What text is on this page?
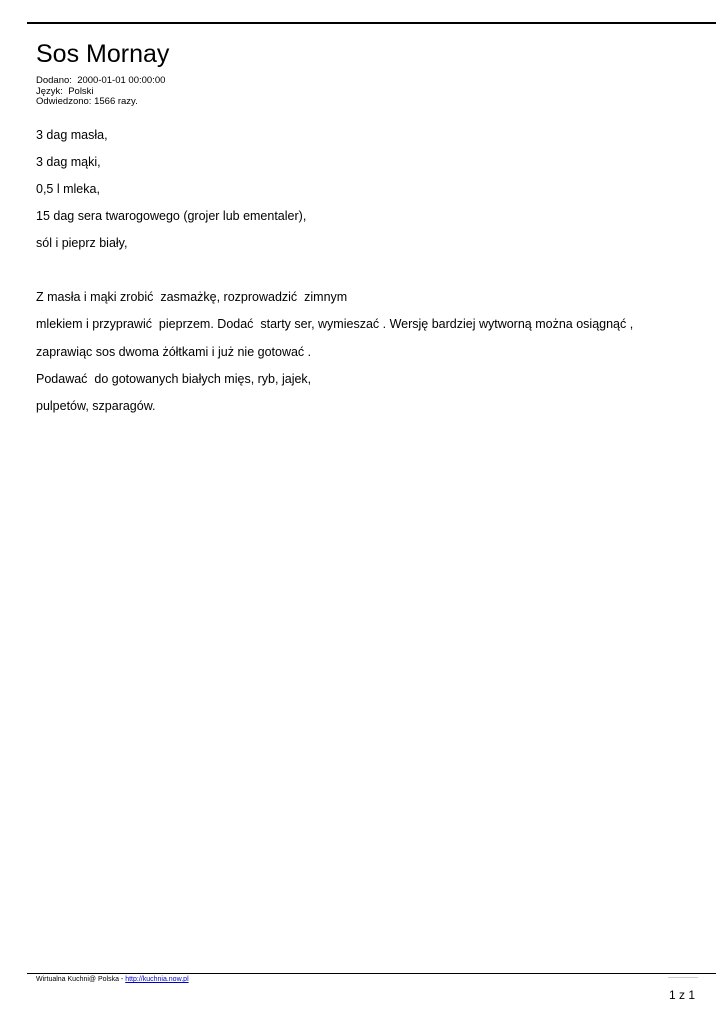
Sos Mornay
Dodano:  2000-01-01 00:00:00
Język:  Polski
Odwiedzono: 1566 razy.
3 dag masła,
3 dag mąki,
0,5 l mleka,
15 dag sera twarogowego (grojer lub ementaler),
sól i pieprz biały,
Z masła i mąki zrobić  zasmażkę, rozprowadzić  zimnym
mlekiem i przyprawić  pieprzem. Dodać  starty ser, wymieszać . Wersję bardziej wytworną można osiągnąć ,
zaprawiąc sos dwoma żółtkami i już nie gotować .
Podawać  do gotowanych białych mięs, ryb, jajek,
pulpetów, szparagów.
Wirtualna Kuchni@ Polska - http://kuchnia.now.pl
1 z 1
